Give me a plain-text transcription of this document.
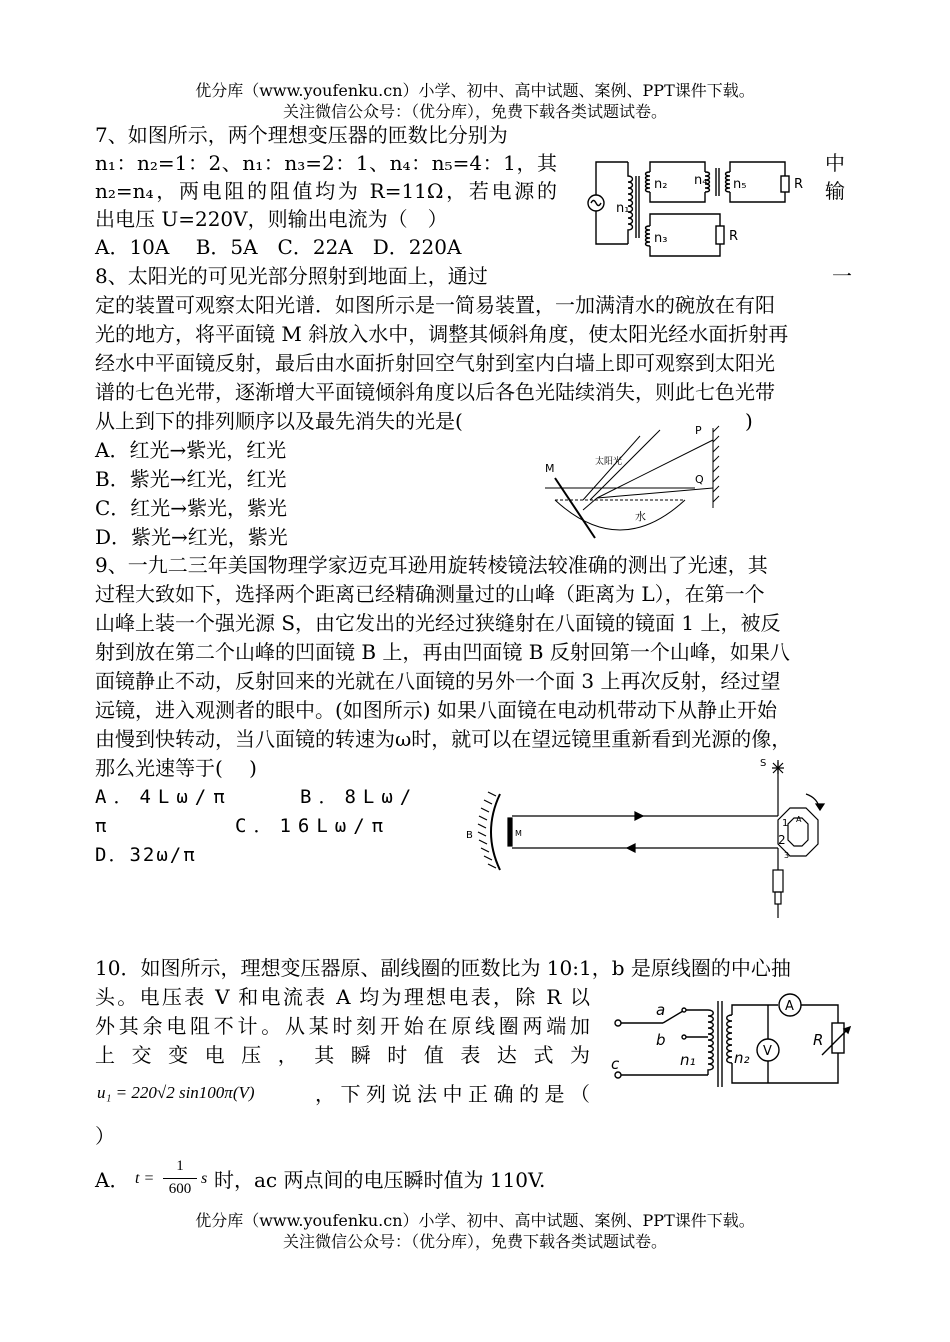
优分库（www.youfenku.cn）小学、初中、高中试题、案例、PPT课件下载。
关注微信公众号：（优分库），免费下载各类试题试卷。
7、如图所示，两个理想变压器的匝数比分别为
n₁：n₂=1：2、n₁：n₃=2：1、n₄：n₅=4：1，其
n₂=n₄，两电阻的阻值均为 R=11Ω，若电源的
出电压 U=220V，则输出电流为（　）
中
输
A．10A　 B．5A　C．22A　D．220A
n₁
n₂ n₄ n₅
n₃
R
R
8、太阳光的可见光部分照射到地面上，通过	一
定的装置可观察太阳光谱．如图所示是一简易装置，一加满清水的碗放在有阳
光的地方，将平面镜 M 斜放入水中，调整其倾斜角度，使太阳光经水面折射再
经水中平面镜反射，最后由水面折射回空气射到室内白墙上即可观察到太阳光
谱的七色光带，逐渐增大平面镜倾斜角度以后各色光陆续消失，则此七色光带
从上到下的排列顺序以及最先消失的光是(	)
A．红光→紫光，红光
B．紫光→红光，红光
C．红光→紫光，紫光
D．紫光→红光，紫光
P
Q
M	太阳光
水
9、一九二三年美国物理学家迈克耳逊用旋转棱镜法较准确的测出了光速，其
过程大致如下，选择两个距离已经精确测量过的山峰（距离为 L），在第一个
山峰上装一个强光源 S，由它发出的光经过狭缝射在八面镜的镜面 1 上，被反
射到放在第二个山峰的凹面镜 B 上，再由凹面镜 B 反射回第一个山峰，如果八
面镜静止不动，反射回来的光就在八面镜的另外一个面 3 上再次反射，经过望
远镜，进入观测者的眼中。(如图所示) 如果八面镜在电动机带动下从静止开始
由慢到快转动，当八面镜的转速为ω时，就可以在望远镜里重新看到光源的像，
那么光速等于(　 )
A．4Lω/π	B．8Lω/
π	C．16Lω/π
D．32ω/π
S
B	M
1 A
2
3
10．如图所示，理想变压器原、副线圈的匝数比为 10:1，b 是原线圈的中心抽
头。电压表 V 和电流表 A 均为理想电表，除 R 以
外其余电阻不计。从某时刻开始在原线圈两端加
上交变电压，其瞬时值表达式为
u₁ = 220√2 sin100π(V)	，下列说法中正确的是（
）
A． t =
1
600
s 时，ac 两点间的电压瞬时值为 110V.
a
b
c	n₁	n₂
A
V
R
优分库（www.youfenku.cn）小学、初中、高中试题、案例、PPT课件下载。
关注微信公众号：（优分库），免费下载各类试题试卷。
